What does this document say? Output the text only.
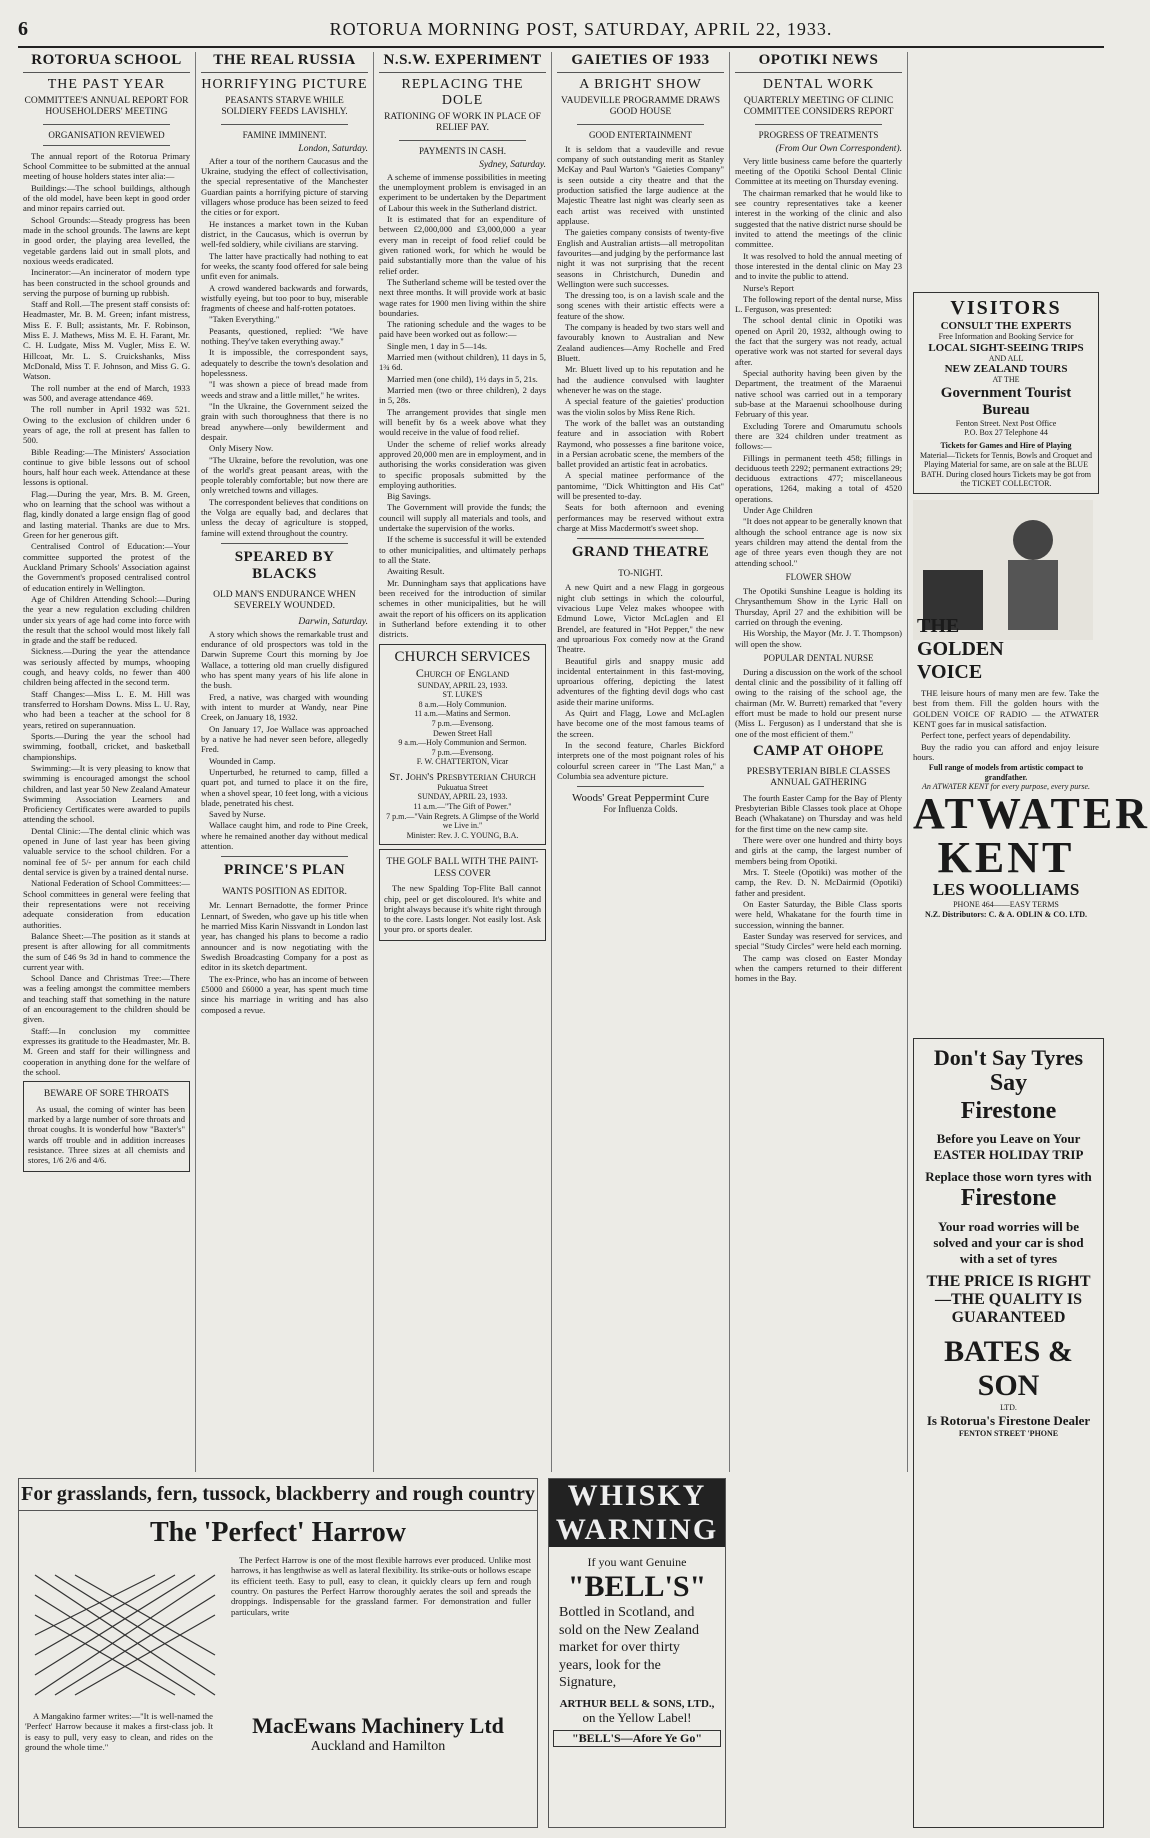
6	ROTORUA MORNING POST, SATURDAY, APRIL 22, 1933.
ROTORUA SCHOOL
THE PAST YEAR
COMMITTEE'S ANNUAL REPORT FOR HOUSEHOLDERS' MEETING
ORGANISATION REVIEWED

The annual report of the Rotorua Primary School Committee to be submitted at the annual meeting of house holders states inter alia:—

Buildings:—The school buildings, although of the old model, have been kept in good order and minor repairs carried out.

School Grounds:—Steady progress has been made in the school grounds. The lawns are kept in good order, the playing area levelled, the vegetable gardens laid out in small plots, and noxious weeds eradicated.

Incinerator:—An incinerator of modern type has been constructed in the school grounds and serving the purpose of burning up rubbish.

Staff and Roll.—The present staff consists of: Headmaster, Mr. B. M. Green; infant mistress, Miss E. F. Bull; assistants, Mr. F. Robinson, Miss E. J. Mathews, Miss M. E. H. Farant, Mr. C. H. Ludgate, Miss M. Vugler, Miss E. W. Hillcoat, Mr. L. S. Cruickshanks, Miss McDonald, Miss T. F. Johnson, and Miss G. G. Watson.

The roll number at the end of March, 1933 was 500, and average attendance 469.

The roll number in April 1932 was 521. Owing to the exclusion of children under 6 years of age, the roll at present has fallen to 500.

Bible Reading:—The Ministers' Association continue to give bible lessons out of school hours, half hour each week. Attendance at these lessons is optional.

Flag.—During the year, Mrs. B. M. Green, who on learning that the school was without a flag, kindly donated a large ensign flag of good and lasting material. Thanks are due to Mrs. Green for her generous gift.

Centralised Control of Education:—Your committee supported the protest of the Auckland Primary Schools' Association against the Government's proposed centralised control of education entirely in Wellington.

Age of Children Attending School:—During the year a new regulation excluding children under six years of age had come into force with the result that the school would most likely fall in grade and the staff be reduced.

Sickness.—During the year the attendance was seriously affected by mumps, whooping cough, and heavy colds, no fewer than 400 children being affected in the second term.

Staff Changes:—Miss L. E. M. Hill was transferred to Horsham Downs. Miss L. U. Ray, who had been a teacher at the school for 8 years, retired on superannuation.

Sports.—During the year the school had swimming, football, cricket, and basketball championships.

Swimming:—It is very pleasing to know that swimming is encouraged amongst the school children, and last year 50 New Zealand Amateur Swimming Association Learners and Proficiency Certificates were awarded to pupils attending the school.

Dental Clinic:—The dental clinic which was opened in June of last year has been giving valuable service to the school children. For a nominal fee of 5/- per annum for each child dental service is given by a trained dental nurse.

National Federation of School Committees:—School committees in general were feeling that their representations were not receiving adequate consideration from education authorities.

Balance Sheet:—The position as it stands at present is after allowing for all commitments the sum of £46 9s 3d in hand to commence the current year with.

School Dance and Christmas Tree:—There was a feeling amongst the committee members and teaching staff that something in the nature of an encouragement to the children should be given.

Staff:—In conclusion my committee expresses its gratitude to the Headmaster, Mr. B. M. Green and staff for their willingness and cooperation in anything done for the welfare of the school.

BEWARE OF SORE THROATS

As usual, the coming of winter has been marked by a large number of sore throats and throat coughs. It is wonderful how "Baxter's" wards off trouble and in addition increases resistance. Three sizes at all chemists and stores, 1/6 2/6 and 4/6.

THE REAL RUSSIA
HORRIFYING PICTURE
PEASANTS STARVE WHILE SOLDIERY FEEDS LAVISHLY.
FAMINE IMMINENT.
London, Saturday.

After a tour of the northern Caucasus and the Ukraine, studying the effect of collectivisation, the special representative of the Manchester Guardian paints a horrifying picture of starving villagers whose produce has been seized to feed the cities or for export.

He instances a market town in the Kuban district, in the Caucasus, which is overrun by well-fed soldiery, while civilians are starving.

The latter have practically had nothing to eat for weeks, the scanty food offered for sale being unfit even for animals.

A crowd wandered backwards and forwards, wistfully eyeing, but too poor to buy, miserable fragments of cheese and half-rotten potatoes.

"Taken Everything."

Peasants, questioned, replied: "We have nothing. They've taken everything away."

It is impossible, the correspondent says, adequately to describe the town's desolation and hopelessness.

"I was shown a piece of bread made from weeds and straw and a little millet," he writes.

"In the Ukraine, the Government seized the grain with such thoroughness that there is no bread anywhere—only bewilderment and despair.

Only Misery Now.

"The Ukraine, before the revolution, was one of the world's great peasant areas, with the people tolerably comfortable; but now there are only wretched towns and villages.

The correspondent believes that conditions on the Volga are equally bad, and declares that unless the decay of agriculture is stopped, famine will extend throughout the country.

SPEARED BY BLACKS
OLD MAN'S ENDURANCE WHEN SEVERELY WOUNDED.
Darwin, Saturday.

A story which shows the remarkable trust and endurance of old prospectors was told in the Darwin Supreme Court this morning by Joe Wallace, a tottering old man cruelly disfigured who has spent many years of his life alone in the bush.

Fred, a native, was charged with wounding with intent to murder at Wandy, near Pine Creek, on January 18, 1932.

On January 17, Joe Wallace was approached by a native he had never seen before, allegedly Fred.

Wounded in Camp.

Unperturbed, he returned to camp, filled a quart pot, and turned to place it on the fire, when a shovel spear, 10 feet long, with a vicious blade, penetrated his chest.

Saved by Nurse.

Wallace caught him, and rode to Pine Creek, where he remained another day without medical attention.

PRINCE'S PLAN
WANTS POSITION AS EDITOR.

Mr. Lennart Bernadotte, the former Prince Lennart, of Sweden, who gave up his title when he married Miss Karin Nissvandt in London last year, has changed his plans to become a radio announcer and is now negotiating with the Swedish Broadcasting Company for a post as editor in its sketch department.

The ex-Prince, who has an income of between £5000 and £6000 a year, has spent much time since his marriage in writing and has also composed a revue.

N.S.W. EXPERIMENT
REPLACING THE DOLE
RATIONING OF WORK IN PLACE OF RELIEF PAY.
PAYMENTS IN CASH.
Sydney, Saturday.

A scheme of immense possibilities in meeting the unemployment problem is envisaged in an experiment to be undertaken by the Department of Labour this week in the Sutherland district.

It is estimated that for an expenditure of between £2,000,000 and £3,000,000 a year every man in receipt of food relief could be given rationed work, for which he would be paid substantially more than the value of his relief order.

The Sutherland scheme will be tested over the next three months. It will provide work at basic wage rates for 1900 men living within the shire boundaries.

The rationing schedule and the wages to be paid have been worked out as follow:—

Single men, 1 day in 5—14s.

Married men (without children), 11 days in 5, 1¾ 6d.

Married men (one child), 1½ days in 5, 21s.

Married men (two or three children), 2 days in 5, 28s.

The arrangement provides that single men will benefit by 6s a week above what they would receive in the value of food relief.

Under the scheme of relief works already approved 20,000 men are in employment, and in authorising the works consideration was given to specific proposals submitted by the employing authorities.

Big Savings.

The Government will provide the funds; the council will supply all materials and tools, and undertake the supervision of the works.

If the scheme is successful it will be extended to other municipalities, and ultimately perhaps to all the State.

Awaiting Result.

Mr. Dunningham says that applications have been received for the introduction of similar schemes in other municipalities, but he will await the report of his officers on its application in Sutherland before extending it to other districts.

CHURCH SERVICES
Church of England
SUNDAY, APRIL 23, 1933.
ST. LUKE'S
8 a.m.—Holy Communion.
11 a.m.—Matins and Sermon.
7 p.m.—Evensong.
Dewen Street Hall
9 a.m.—Holy Communion and Sermon.
7 p.m.—Evensong.
F. W. CHATTERTON, Vicar
St. John's Presbyterian Church
Pukuatua Street
SUNDAY, APRIL 23, 1933.
11 a.m.—"The Gift of Power."
7 p.m.—"Vain Regrets. A Glimpse of the World we Live in."
Minister: Rev. J. C. YOUNG, B.A.
THE GOLF BALL WITH THE PAINT-LESS COVER

The new Spalding Top-Flite Ball cannot chip, peel or get discoloured. It's white and bright always because it's white right through to the core. Lasts longer. Not easily lost. Ask your pro. or sports dealer.

GAIETIES OF 1933
A BRIGHT SHOW
VAUDEVILLE PROGRAMME DRAWS GOOD HOUSE
GOOD ENTERTAINMENT

It is seldom that a vaudeville and revue company of such outstanding merit as Stanley McKay and Paul Warton's "Gaieties Company" is seen outside a city theatre and that the production satisfied the large audience at the Majestic Theatre last night was clearly seen as each artist was received with unstinted applause.

The gaieties company consists of twenty-five English and Australian artists—all metropolitan favourites—and judging by the performance last night it was not surprising that the recent seasons in Christchurch, Dunedin and Wellington were such successes.

The dressing too, is on a lavish scale and the song scenes with their artistic effects were a feature of the show.

The company is headed by two stars well and favourably known to Australian and New Zealand audiences—Amy Rochelle and Fred Bluett.

Mr. Bluett lived up to his reputation and he had the audience convulsed with laughter whenever he was on the stage.

A special feature of the gaieties' production was the violin solos by Miss Rene Rich.

The work of the ballet was an outstanding feature and in association with Robert Raymond, who possesses a fine baritone voice, in a Persian acrobatic scene, the members of the ballet provided an artistic feat in acrobatics.

A special matinee performance of the pantomime, "Dick Whittington and His Cat" will be presented to-day.

Seats for both afternoon and evening performances may be reserved without extra charge at Miss Macdermott's sweet shop.

GRAND THEATRE
TO-NIGHT.

A new Quirt and a new Flagg in gorgeous night club settings in which the colourful, vivacious Lupe Velez makes whoopee with Edmund Lowe, Victor McLaglen and El Brendel, are featured in "Hot Pepper," the new and uproarious Fox comedy now at the Grand Theatre.

Beautiful girls and snappy music add incidental entertainment in this fast-moving, uproarious offering, depicting the latest adventures of the fighting devil dogs who cast aside their marine uniforms.

As Quirt and Flagg, Lowe and McLaglen have become one of the most famous teams of the screen.

In the second feature, Charles Bickford interprets one of the most poignant roles of his colourful screen career in "The Last Man," a Columbia sea adventure picture.

Woods' Great Peppermint Cure
For Influenza Colds.
OPOTIKI NEWS
DENTAL WORK
QUARTERLY MEETING OF CLINIC COMMITTEE CONSIDERS REPORT
PROGRESS OF TREATMENTS
(From Our Own Correspondent).

Very little business came before the quarterly meeting of the Opotiki School Dental Clinic Committee at its meeting on Thursday evening.

The chairman remarked that he would like to see country representatives take a keener interest in the working of the clinic and also suggested that the native district nurse should be invited to attend the meetings of the clinic committee.

It was resolved to hold the annual meeting of those interested in the dental clinic on May 23 and to invite the public to attend.

Nurse's Report

The following report of the dental nurse, Miss L. Ferguson, was presented:

The school dental clinic in Opotiki was opened on April 20, 1932, although owing to the fact that the surgery was not ready, actual operative work was not started for several days after.

Special authority having been given by the Department, the treatment of the Maraenui native school was carried out in a temporary sub-base at the Maraenui schoolhouse during February of this year.

Excluding Torere and Omarumutu schools there are 324 children under treatment as follows:—

Fillings in permanent teeth 458; fillings in deciduous teeth 2292; permanent extractions 29; deciduous extractions 477; miscellaneous operations, 1264, making a total of 4520 operations.

Under Age Children

"It does not appear to be generally known that although the school entrance age is now six years children may attend the dental from the age of three years even though they are not attending school."

FLOWER SHOW

The Opotiki Sunshine League is holding its Chrysanthemum Show in the Lyric Hall on Thursday, April 27 and the exhibition will be carried on through the evening.

His Worship, the Mayor (Mr. J. T. Thompson) will open the show.

POPULAR DENTAL NURSE

During a discussion on the work of the school dental clinic and the possibility of it falling off owing to the raising of the school age, the chairman (Mr. W. Burrett) remarked that "every effort must be made to hold our present nurse (Miss L. Ferguson) as I understand that she is one of the most efficient of them."

CAMP AT OHOPE
PRESBYTERIAN BIBLE CLASSES ANNUAL GATHERING

The fourth Easter Camp for the Bay of Plenty Presbyterian Bible Classes took place at Ohope Beach (Whakatane) on Thursday and was held for the first time on the new camp site.

There were over one hundred and thirty boys and girls at the camp, the largest number of members being from Opotiki.

Mrs. T. Steele (Opotiki) was mother of the camp, the Rev. D. N. McDairmid (Opotiki) father and president.

On Easter Saturday, the Bible Class sports were held, Whakatane for the fourth time in succession, winning the banner.

Easter Sunday was reserved for services, and special "Study Circles" were held each morning.

The camp was closed on Easter Monday when the campers returned to their different homes in the Bay.

VISITORS
CONSULT THE EXPERTS
Free Information and Booking Service for
LOCAL SIGHT-SEEING TRIPS
AND ALL
NEW ZEALAND TOURS
AT THE
Government Tourist Bureau
Fenton Street. Next Post Office
P.O. Box 27 Telephone 44
Tickets for Games and Hire of Playing
Material—Tickets for Tennis, Bowls and Croquet and Playing Material for same, are on sale at the BLUE BATH. During closed hours Tickets may be got from the TICKET COLLECTOR.
THE GOLDEN VOICE

THE leisure hours of many men are few. Take the best from them. Fill the golden hours with the GOLDEN VOICE OF RADIO — the ATWATER KENT goes far in musical satisfaction.

Perfect tone, perfect years of dependability.

Buy the radio you can afford and enjoy leisure hours.

Full range of models from artistic compact to grandfather.
An ATWATER KENT for every purpose, every purse.
ATWATER
KENT
LES WOOLLIAMS
PHONE 464——EASY TERMS
N.Z. Distributors: C. & A. ODLIN & CO. LTD.
For grasslands, fern, tussock, blackberry and rough country
The 'Perfect' Harrow

The Perfect Harrow is one of the most flexible harrows ever produced. Unlike most harrows, it has lengthwise as well as lateral flexibility. Its strike-outs or hollows escape its efficient teeth. Easy to pull, easy to clean, it quickly clears up fern and rough country. On pastures the Perfect Harrow thoroughly aerates the soil and spreads the droppings. Indispensable for the grassland farmer. For demonstration and fuller particulars, write

A Mangakino farmer writes:—"It is well-named the 'Perfect' Harrow because it makes a first-class job. It is easy to pull, very easy to clean, and rides on the ground the whole time."

MacEwans Machinery Ltd
Auckland and Hamilton
WHISKY
WARNING
If you want Genuine
"BELL'S"
Bottled in Scotland, and sold on the New Zealand market for over thirty years, look for the Signature,
ARTHUR BELL & SONS, LTD.,
on the Yellow Label!
"BELL'S—Afore Ye Go"
Don't Say Tyres
Say
Firestone
Before you Leave on Your EASTER HOLIDAY TRIP
Replace those worn tyres with
Firestone
Your road worries will be solved and your car is shod with a set of tyres
THE PRICE IS RIGHT
—THE QUALITY IS GUARANTEED
BATES & SON
LTD.
Is Rotorua's Firestone Dealer
FENTON STREET 'PHONE
